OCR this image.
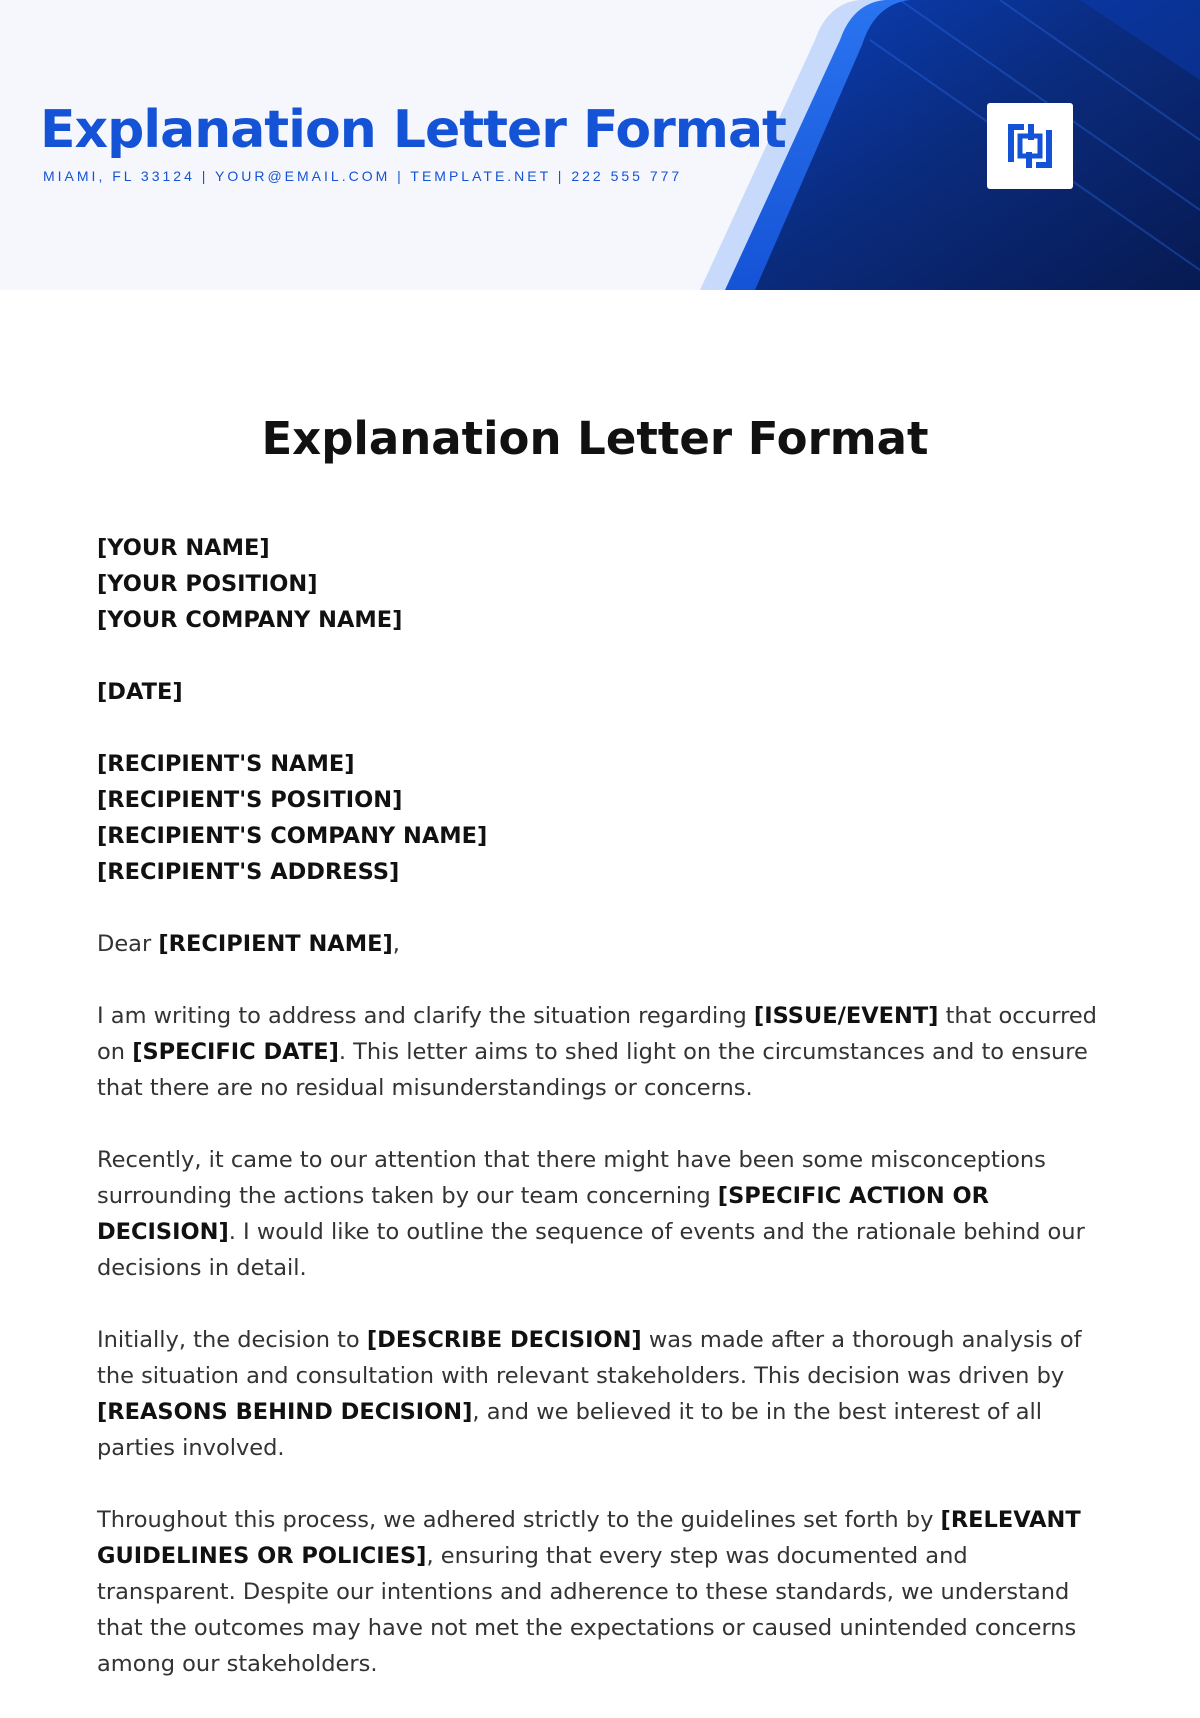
Explanation Letter Format
MIAMI, FL 33124 | YOUR@EMAIL.COM | TEMPLATE.NET | 222 555 777
Explanation Letter Format

[YOUR NAME]
[YOUR POSITION]
[YOUR COMPANY NAME]

[DATE]

[RECIPIENT'S NAME]
[RECIPIENT'S POSITION]
[RECIPIENT'S COMPANY NAME]
[RECIPIENT'S ADDRESS]

Dear [RECIPIENT NAME],

I am writing to address and clarify the situation regarding [ISSUE/EVENT] that occurred on [SPECIFIC DATE]. This letter aims to shed light on the circumstances and to ensure that there are no residual misunderstandings or concerns.

Recently, it came to our attention that there might have been some misconceptions surrounding the actions taken by our team concerning [SPECIFIC ACTION OR DECISION]. I would like to outline the sequence of events and the rationale behind our decisions in detail.

Initially, the decision to [DESCRIBE DECISION] was made after a thorough analysis of the situation and consultation with relevant stakeholders. This decision was driven by [REASONS BEHIND DECISION], and we believed it to be in the best interest of all parties involved.

Throughout this process, we adhered strictly to the guidelines set forth by [RELEVANT GUIDELINES OR POLICIES], ensuring that every step was documented and transparent. Despite our intentions and adherence to these standards, we understand that the outcomes may have not met the expectations or caused unintended concerns among our stakeholders.
